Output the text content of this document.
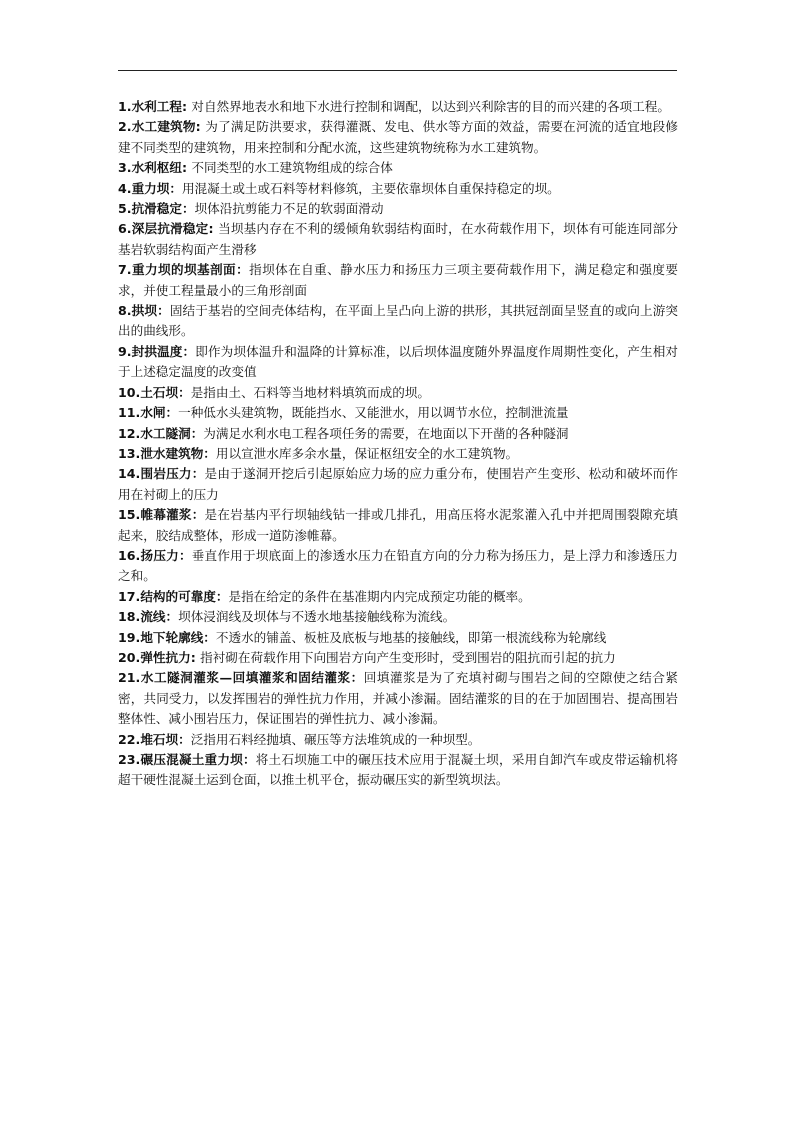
1.水利工程: 对自然界地表水和地下水进行控制和调配，以达到兴利除害的目的而兴建的各项工程。

2.水工建筑物: 为了满足防洪要求，获得灌溉、发电、供水等方面的效益，需要在河流的适宜地段修建不同类型的建筑物，用来控制和分配水流，这些建筑物统称为水工建筑物。

3.水利枢纽: 不同类型的水工建筑物组成的综合体

4.重力坝：用混凝土或土或石料等材料修筑，主要依靠坝体自重保持稳定的坝。

5.抗滑稳定：坝体沿抗剪能力不足的软弱面滑动

6.深层抗滑稳定: 当坝基内存在不利的缓倾角软弱结构面时，在水荷载作用下，坝体有可能连同部分基岩软弱结构面产生滑移

7.重力坝的坝基剖面：指坝体在自重、静水压力和扬压力三项主要荷载作用下，满足稳定和强度要求，并使工程量最小的三角形剖面

8.拱坝：固结于基岩的空间壳体结构，在平面上呈凸向上游的拱形，其拱冠剖面呈竖直的或向上游突出的曲线形。

9.封拱温度：即作为坝体温升和温降的计算标准，以后坝体温度随外界温度作周期性变化，产生相对于上述稳定温度的改变值

10.土石坝：是指由土、石料等当地材料填筑而成的坝。

11.水闸：一种低水头建筑物，既能挡水、又能泄水，用以调节水位，控制泄流量

12.水工隧洞：为满足水利水电工程各项任务的需要，在地面以下开凿的各种隧洞

13.泄水建筑物：用以宣泄水库多余水量，保证枢纽安全的水工建筑物。

14.围岩压力：是由于遂洞开挖后引起原始应力场的应力重分布，使围岩产生变形、松动和破坏而作用在衬砌上的压力

15.帷幕灌浆：是在岩基内平行坝轴线钻一排或几排孔，用高压将水泥浆灌入孔中并把周围裂隙充填起来，胶结成整体，形成一道防渗帷幕。

16.扬压力：垂直作用于坝底面上的渗透水压力在铅直方向的分力称为扬压力，是上浮力和渗透压力之和。

17.结构的可靠度：是指在给定的条件在基准期内内完成预定功能的概率。

18.流线：坝体浸润线及坝体与不透水地基接触线称为流线。

19.地下轮廓线：不透水的铺盖、板桩及底板与地基的接触线，即第一根流线称为轮廓线

20.弹性抗力: 指衬砌在荷载作用下向围岩方向产生变形时，受到围岩的阻抗而引起的抗力

21.水工隧洞灌浆—回填灌浆和固结灌浆：回填灌浆是为了充填衬砌与围岩之间的空隙使之结合紧密，共同受力，以发挥围岩的弹性抗力作用，并减小渗漏。固结灌浆的目的在于加固围岩、提高围岩整体性、减小围岩压力，保证围岩的弹性抗力、减小渗漏。

22.堆石坝：泛指用石料经抛填、碾压等方法堆筑成的一种坝型。

23.碾压混凝土重力坝：将土石坝施工中的碾压技术应用于混凝土坝，采用自卸汽车或皮带运输机将超干硬性混凝土运到仓面，以推土机平仓，振动碾压实的新型筑坝法。
